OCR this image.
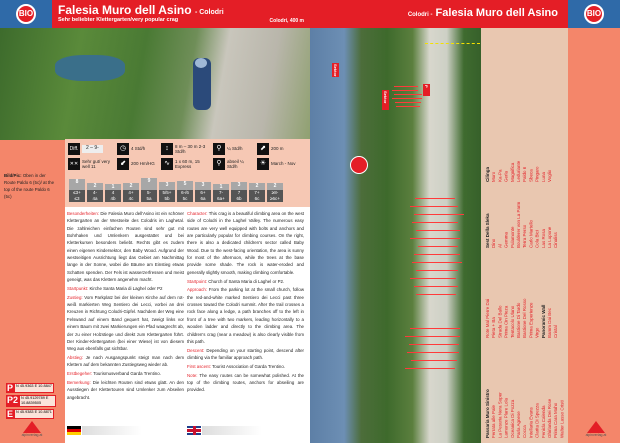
BIO Falesia Muro dell Asino - Colodri
Sehr beliebter Klettergarten/very popular crag	Colodri, 400 m
Colodri - Falesia Muro dell Asino	BIO
Bild/Pic: Oben in der Route Paldo 6 (5c)/ at the top of the route Paldo 6 (5c)
Diff.	2 – 9-	◷	4 Std/h	↕	8 m – 30 m 2-3 Std/h	⚲	¼ Std/h	⬈	200 m
✕✕ Sehr gut/ very well 11	⬋	200 Hm/HG	∿	1 x 60 m, 15 Express	⚲	abseil ¼ Std/h	☀	March - Nov
8
≤3+
≤3
2
4-
4a
1
4
4b
2
4+
4c
9
5-
5a
3
5/5+
5b
5
6-/6
5c
3
6+
6a
1
7-
6a+
3
7
6b
2
7+
6c
2
≥8-
≥6c+

Besonderheiten: Die Falesia Muro dell'Asino ist ein schöner Klettergarten an der Westseite des Colodris im Laghetal. Die zahlreichen einfachen Routen sind sehr gut mit Bohrhaken und Umlenkern ausgestattet und bei Kletterkursen besonders beliebt. Rechts gibt es zudem einen eigenen Kindersektor, den Baby Wood. Aufgrund der westseitigen Ausrichtung liegt das Gebiet am Nachmittag lange in der Sonne, wobei die Bäume am Einstieg etwas Schatten spenden. Der Fels ist wasserzerfressen und meist geneigt, was das Klettern angenehm macht.

Startpunkt: Kirche Santa Maria di Laghel oder P2

Zustieg: Vom Parkplatz bei der kleinen Kirche auf dem rot-weiß markierten Weg Sentiero dei Lecci, vorbei an drei Kreuzen in Richtung Colodri-Gipfel. Nachdem der Weg eine Felswand auf einem Band gequert hat, zweigt links vor einem Baum mit zwei Markierungen ein Pfad waagrecht ab, der zu einer Holzstiege und direkt zum Klettergarten führt. Der Kinder-Klettergarten (bei einer Wiese) ist von diesem Weg aus ebenfalls gut sichtbar.

Abstieg: Je nach Ausgangspunkt steigt man nach dem Klettern auf dem bekannten Zustiegsweg wieder ab.

Erstbegeher: Tourismusverband Garda Trentino.

Bemerkung: Die leichten Routen sind etwas glatt. An den Ausstiegen der Klettertouren sind Umlenker zum Abseilen angebracht.

Character: This crag is a beautiful climbing area on the west side of Colodri in the Laghel Valley. The numerous easy routes are very well equipped with bolts and anchors and are particularly popular for climbing courses. On the right, there is also a dedicated children's sector called Baby Wood. Due to the west-facing orientation, the area is sunny for most of the afternoon, while the trees at the base provide some shade. The rock is water-eroded and generally slightly smooth, making climbing comfortable.

Startpoint: Church of Santa Maria di Laghel or P2.

Approach: From the parking lot at the small church, follow the red-and-white marked Sentiero dei Lecci past three crosses toward the Colodri summit. After the trail crosses a rock face along a ledge, a path branches off to the left in front of a tree with two markers, leading horizontally to a wooden ladder and directly to the climbing area. The children's crag (near a meadow) is also clearly visible from this path.

Descent: Depending on your starting point, descend after climbing via the familiar approach path.

First ascent: Tourist Association of Garda Trentino.

Note: The easy routes can be somewhat polished. At the top of the climbing routes, anchors for abseiling are provided.

P N 45.9363 E 10.8847
P2 N 45.9129789 E 10.8839505
E N 45.9383 E 10.8871
alpinverlag.at
Sektor
Sektor
P
Cilinga Muro Ka-Pa Gerla Magnifica Leduriante Paldo 6 Sbeca Pingaro Luna Voglio
Sest Della Sleka Dino Al Gemma Pulamonte Boulderer von La Parm Terra Perso Carlo Martello Cola Bici Las Rosa La Lupone Cinaliss
Rote Mal Pierre Dai Pieta + Ba Strada Del Ballo Prima Cin Pieza Tentacolo Ulano Bastione Di Tardo Bastione Del Rosso Prima Esperienze Virgo Panoramic Wall Bamm Dai Bec Cristal
Passaria Muro Sinistro Ferrata alle Pale La Pesuria Nera Super Lamunze Plare Lola Oceanica Di Pozza Parla Agnese Cocca Intellaria Evans Clarita Di Spezza Fenicla Calenda Ghirlanda Dei Rose Prima Cara Maho Walter Lasso Cristi	alpinverlag.at
